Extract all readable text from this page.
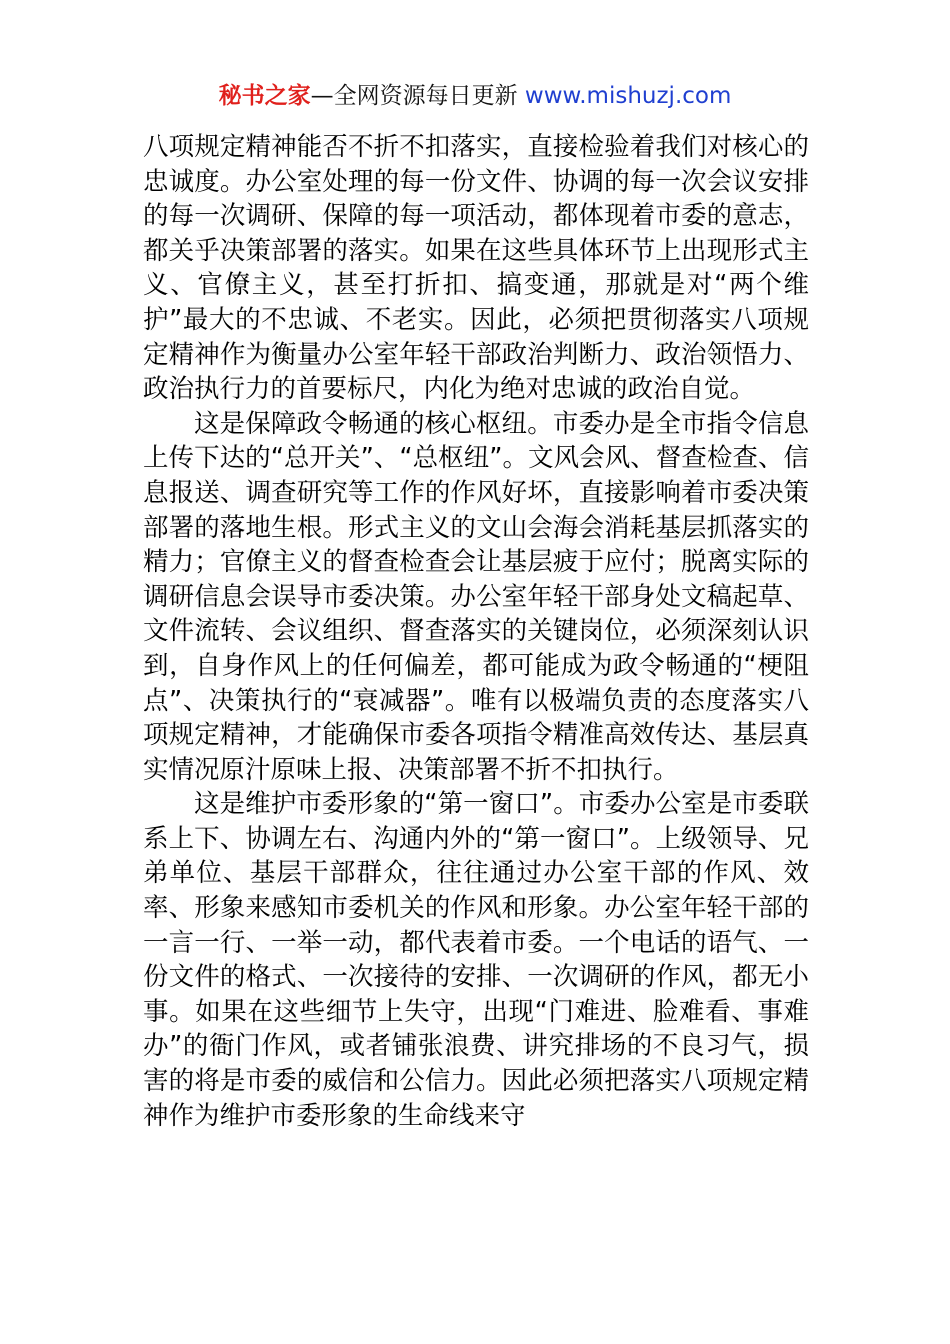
秘书之家—全网资源每日更新 www.mishuzj.com

八项规定精神能否不折不扣落实，直接检验着我们对核心的忠诚度。办公室处理的每一份文件、协调的每一次会议安排的每一次调研、保障的每一项活动，都体现着市委的意志，都关乎决策部署的落实。如果在这些具体环节上出现形式主义、官僚主义，甚至打折扣、搞变通，那就是对“两个维护”最大的不忠诚、不老实。因此，必须把贯彻落实八项规定精神作为衡量办公室年轻干部政治判断力、政治领悟力、政治执行力的首要标尺，内化为绝对忠诚的政治自觉。

这是保障政令畅通的核心枢纽。市委办是全市指令信息上传下达的“总开关”、“总枢纽”。文风会风、督查检查、信息报送、调查研究等工作的作风好坏，直接影响着市委决策部署的落地生根。形式主义的文山会海会消耗基层抓落实的精力；官僚主义的督查检查会让基层疲于应付；脱离实际的调研信息会误导市委决策。办公室年轻干部身处文稿起草、文件流转、会议组织、督查落实的关键岗位，必须深刻认识到，自身作风上的任何偏差，都可能成为政令畅通的“梗阻点”、决策执行的“衰减器”。唯有以极端负责的态度落实八项规定精神，才能确保市委各项指令精准高效传达、基层真实情况原汁原味上报、决策部署不折不扣执行。

这是维护市委形象的“第一窗口”。市委办公室是市委联系上下、协调左右、沟通内外的“第一窗口”。上级领导、兄弟单位、基层干部群众，往往通过办公室干部的作风、效率、形象来感知市委机关的作风和形象。办公室年轻干部的一言一行、一举一动，都代表着市委。一个电话的语气、一份文件的格式、一次接待的安排、一次调研的作风，都无小事。如果在这些细节上失守，出现“门难进、脸难看、事难办”的衙门作风，或者铺张浪费、讲究排场的不良习气，损害的将是市委的威信和公信力。因此必须把落实八项规定精神作为维护市委形象的生命线来守
